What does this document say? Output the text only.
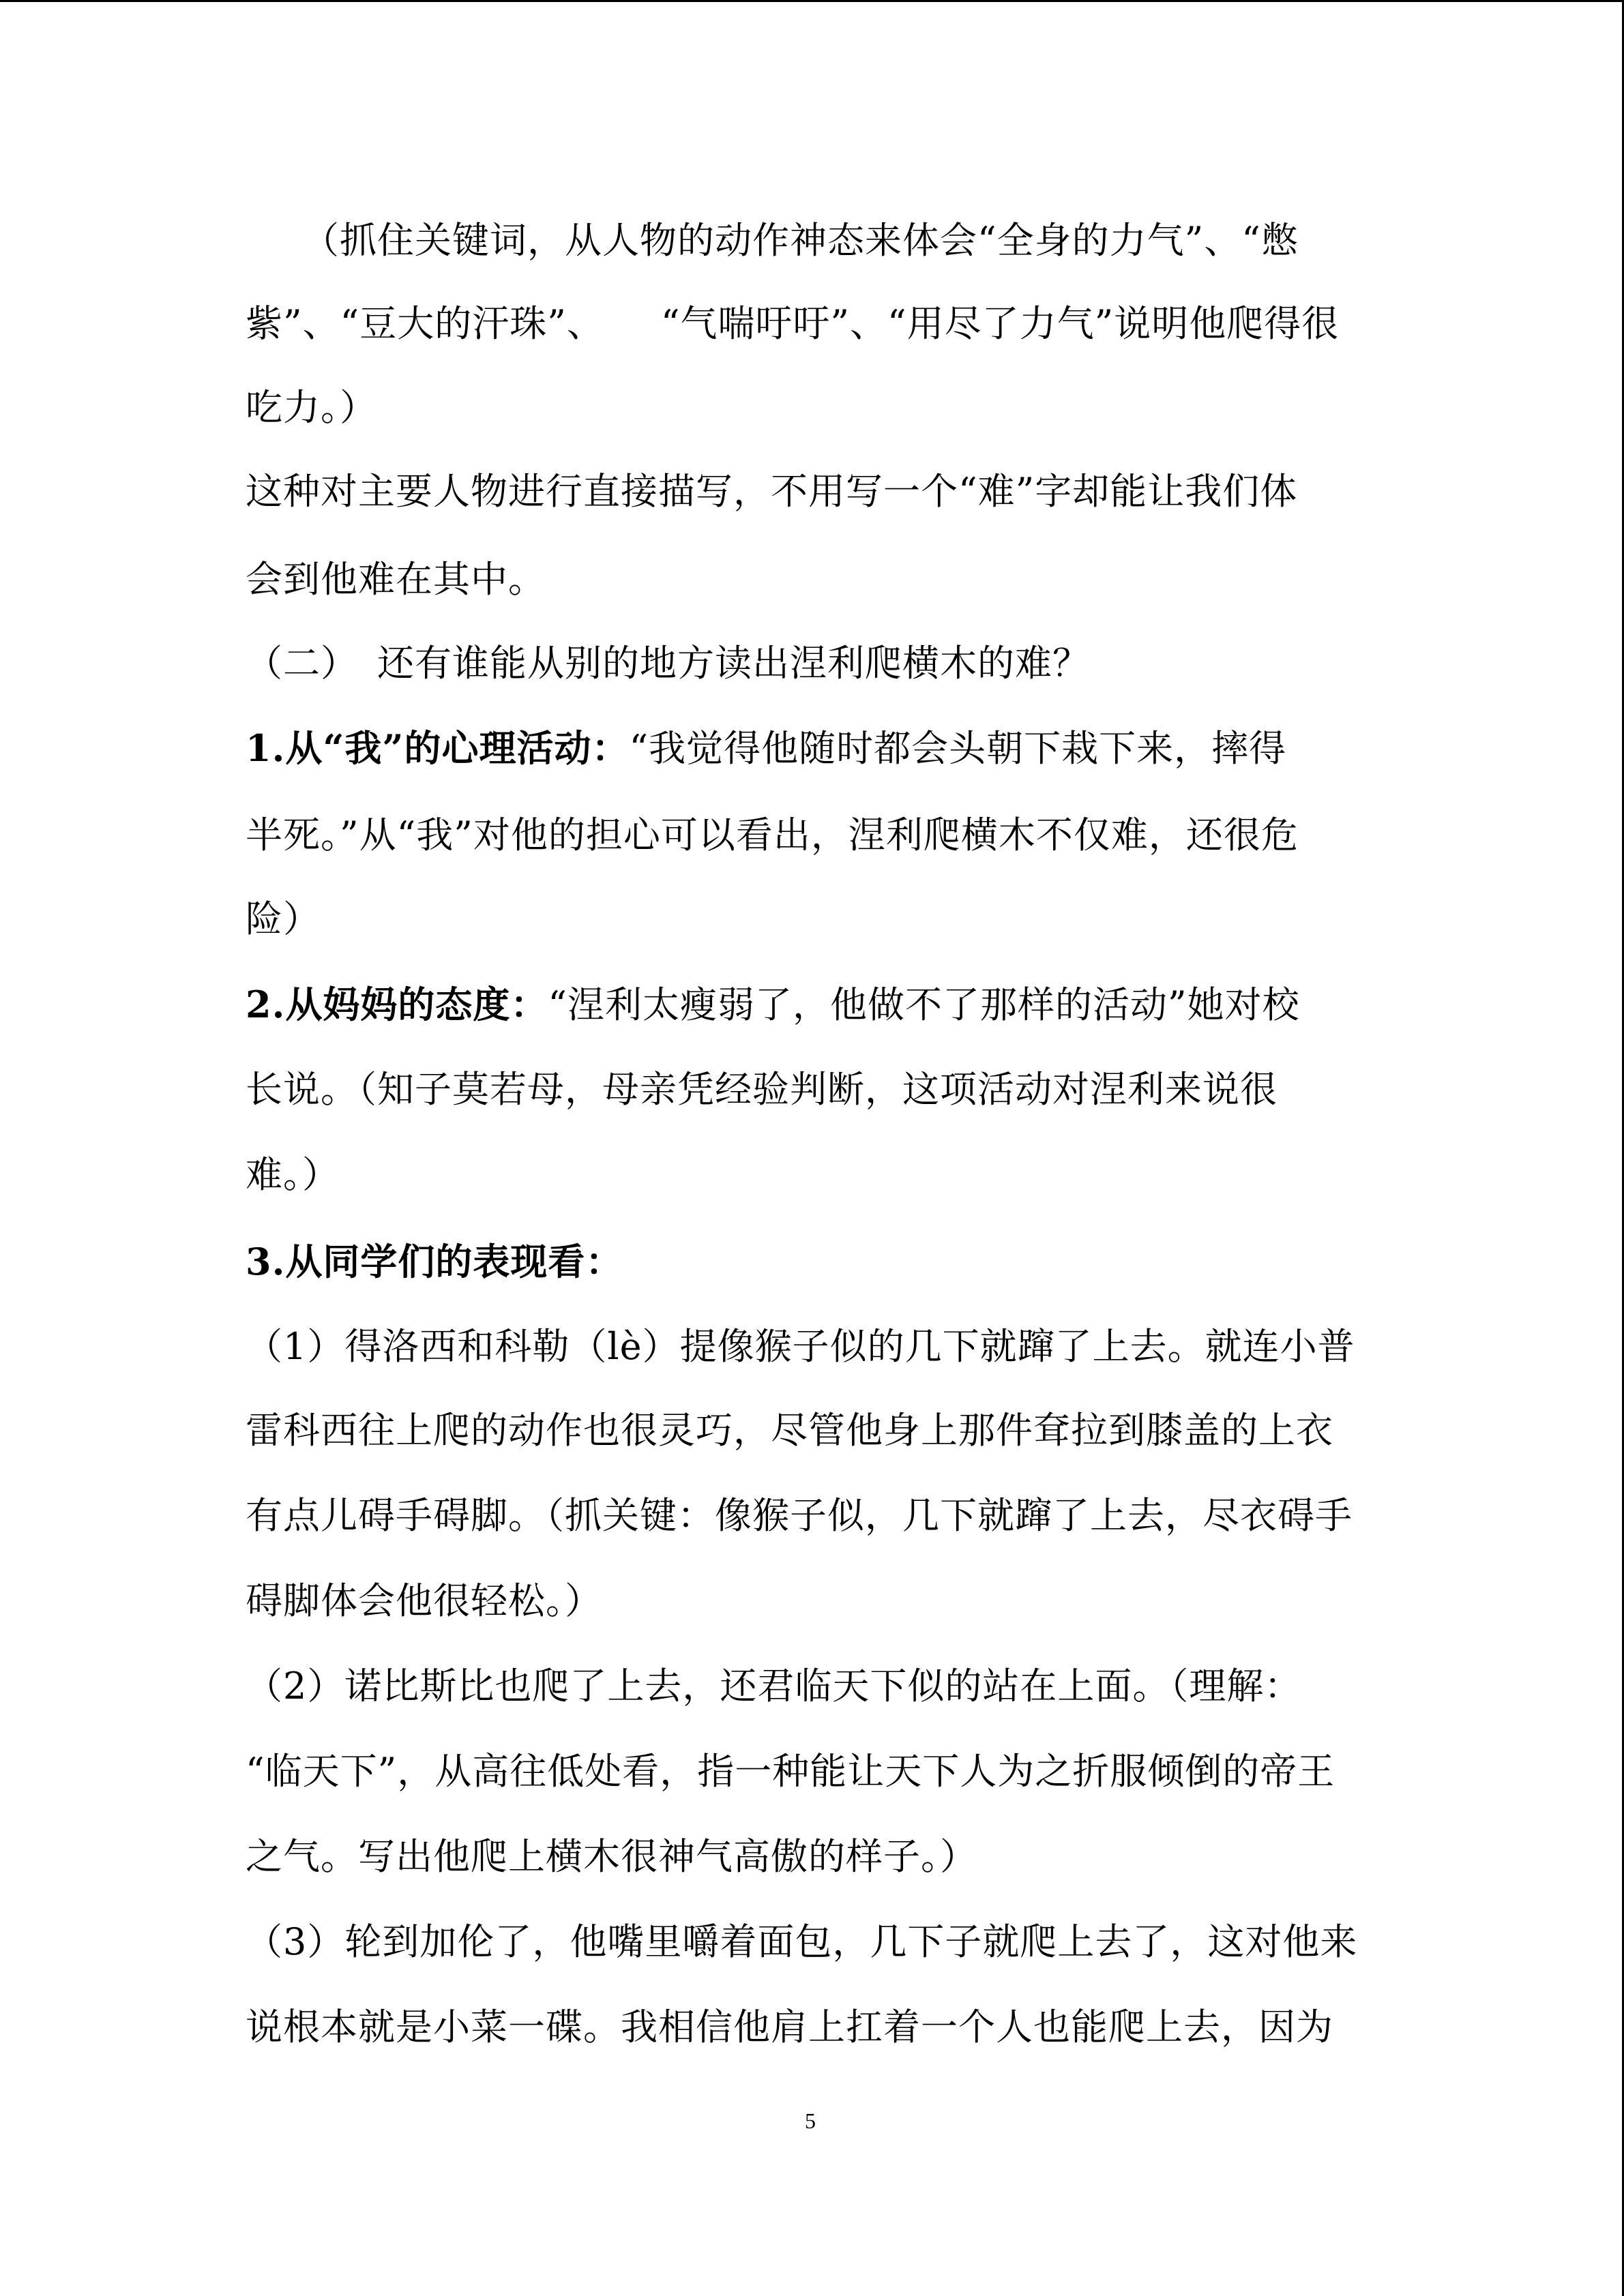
　　（抓住关键词，从人物的动作神态来体会“全身的力气”、“憋
紫”、“豆大的汗珠”、　　“气喘吁吁”、“用尽了力气”说明他爬得很
吃力。）
这种对主要人物进行直接描写，不用写一个“难”字却能让我们体
会到他难在其中。
（二）　还有谁能从别的地方读出涅利爬横木的难？
1.从“我”的心理活动：“我觉得他随时都会头朝下栽下来，摔得
半死。”从“我”对他的担心可以看出，涅利爬横木不仅难，还很危
险）
2.从妈妈的态度：“涅利太瘦弱了，他做不了那样的活动”她对校
长说。（知子莫若母，母亲凭经验判断，这项活动对涅利来说很
难。）
3.从同学们的表现看：
（1）得洛西和科勒（lè）提像猴子似的几下就蹿了上去。就连小普
雷科西往上爬的动作也很灵巧，尽管他身上那件耷拉到膝盖的上衣
有点儿碍手碍脚。（抓关键：像猴子似，几下就蹿了上去，尽衣碍手
碍脚体会他很轻松。）
（2）诺比斯比也爬了上去，还君临天下似的站在上面。（理解：
“临天下”，从高往低处看，指一种能让天下人为之折服倾倒的帝王
之气。写出他爬上横木很神气高傲的样子。）
（3）轮到加伦了，他嘴里嚼着面包，几下子就爬上去了，这对他来
说根本就是小菜一碟。我相信他肩上扛着一个人也能爬上去，因为
5
